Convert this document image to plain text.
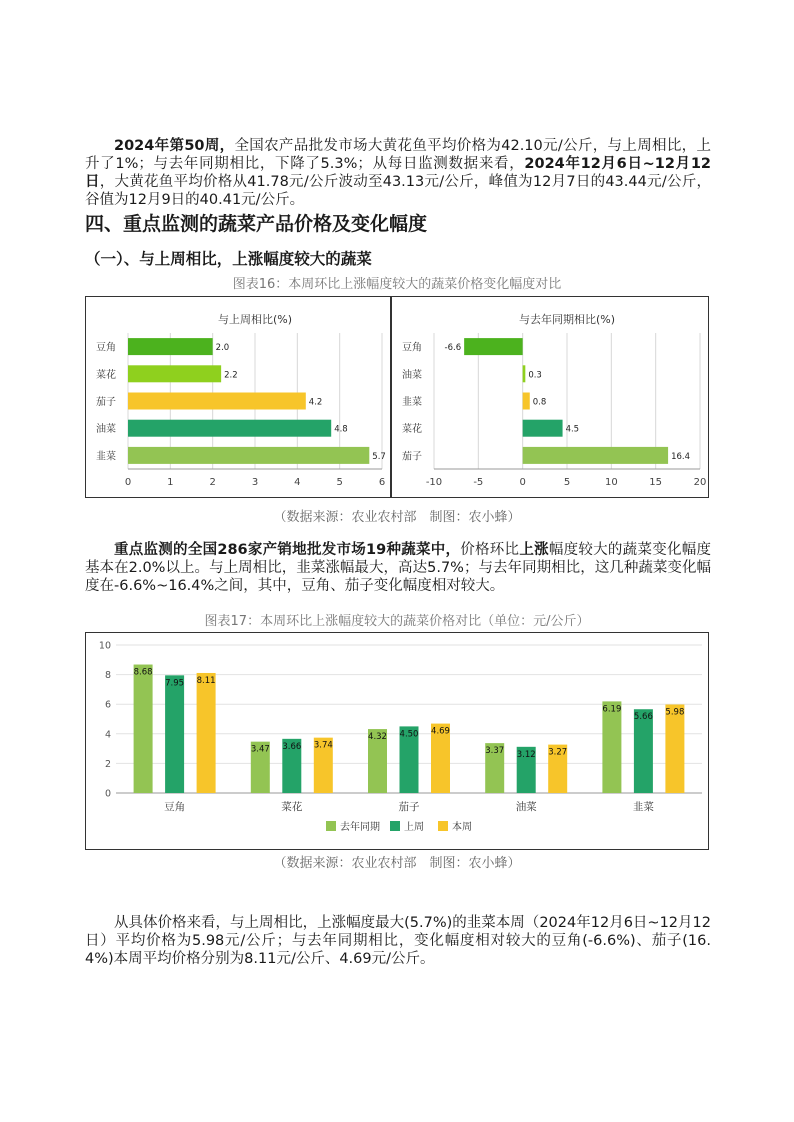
2024年第50周，全国农产品批发市场大黄花鱼平均价格为42.10元/公斤，与上周相比，上升了1%；与去年同期相比，下降了5.3%；从每日监测数据来看，2024年12月6日~12月12日，大黄花鱼平均价格从41.78元/公斤波动至43.13元/公斤，峰值为12月7日的43.44元/公斤，谷值为12月9日的40.41元/公斤。

四、重点监测的蔬菜产品价格及变化幅度
（一）、与上周相比，上涨幅度较大的蔬菜

图表16：本周环比上涨幅度较大的蔬菜价格变化幅度对比

与上周相比(%)
0	1	2	3	4	5	6
豆角	2.0
菜花	2.2
茄子	4.2
油菜	4.8
韭菜	5.7
与去年同期相比(%)
-10	-5	0	5	10	15	20
豆角	-6.6
油菜	0.3
韭菜	0.8
菜花	4.5
茄子	16.4

（数据来源：农业农村部　制图：农小蜂）

重点监测的全国286家产销地批发市场19种蔬菜中，价格环比上涨幅度较大的蔬菜变化幅度基本在2.0%以上。与上周相比，韭菜涨幅最大，高达5.7%；与去年同期相比，这几种蔬菜变化幅度在-6.6%~16.4%之间，其中，豆角、茄子变化幅度相对较大。

图表17：本周环比上涨幅度较大的蔬菜价格对比（单位：元/公斤）

0
2
4
6
8
10
豆角
8.68
7.95 8.11
菜花
3.47 3.66 3.74
茄子
4.32 4.50 4.69
油菜
3.37 3.12 3.27
韭菜
6.19
5.66 5.98
去年同期 上周	本周

（数据来源：农业农村部　制图：农小蜂）

从具体价格来看，与上周相比，上涨幅度最大(5.7%)的韭菜本周（2024年12月6日~12月12日）平均价格为5.98元/公斤；与去年同期相比，变化幅度相对较大的豆角(-6.6%)、茄子(16.4%)本周平均价格分别为8.11元/公斤、4.69元/公斤。
